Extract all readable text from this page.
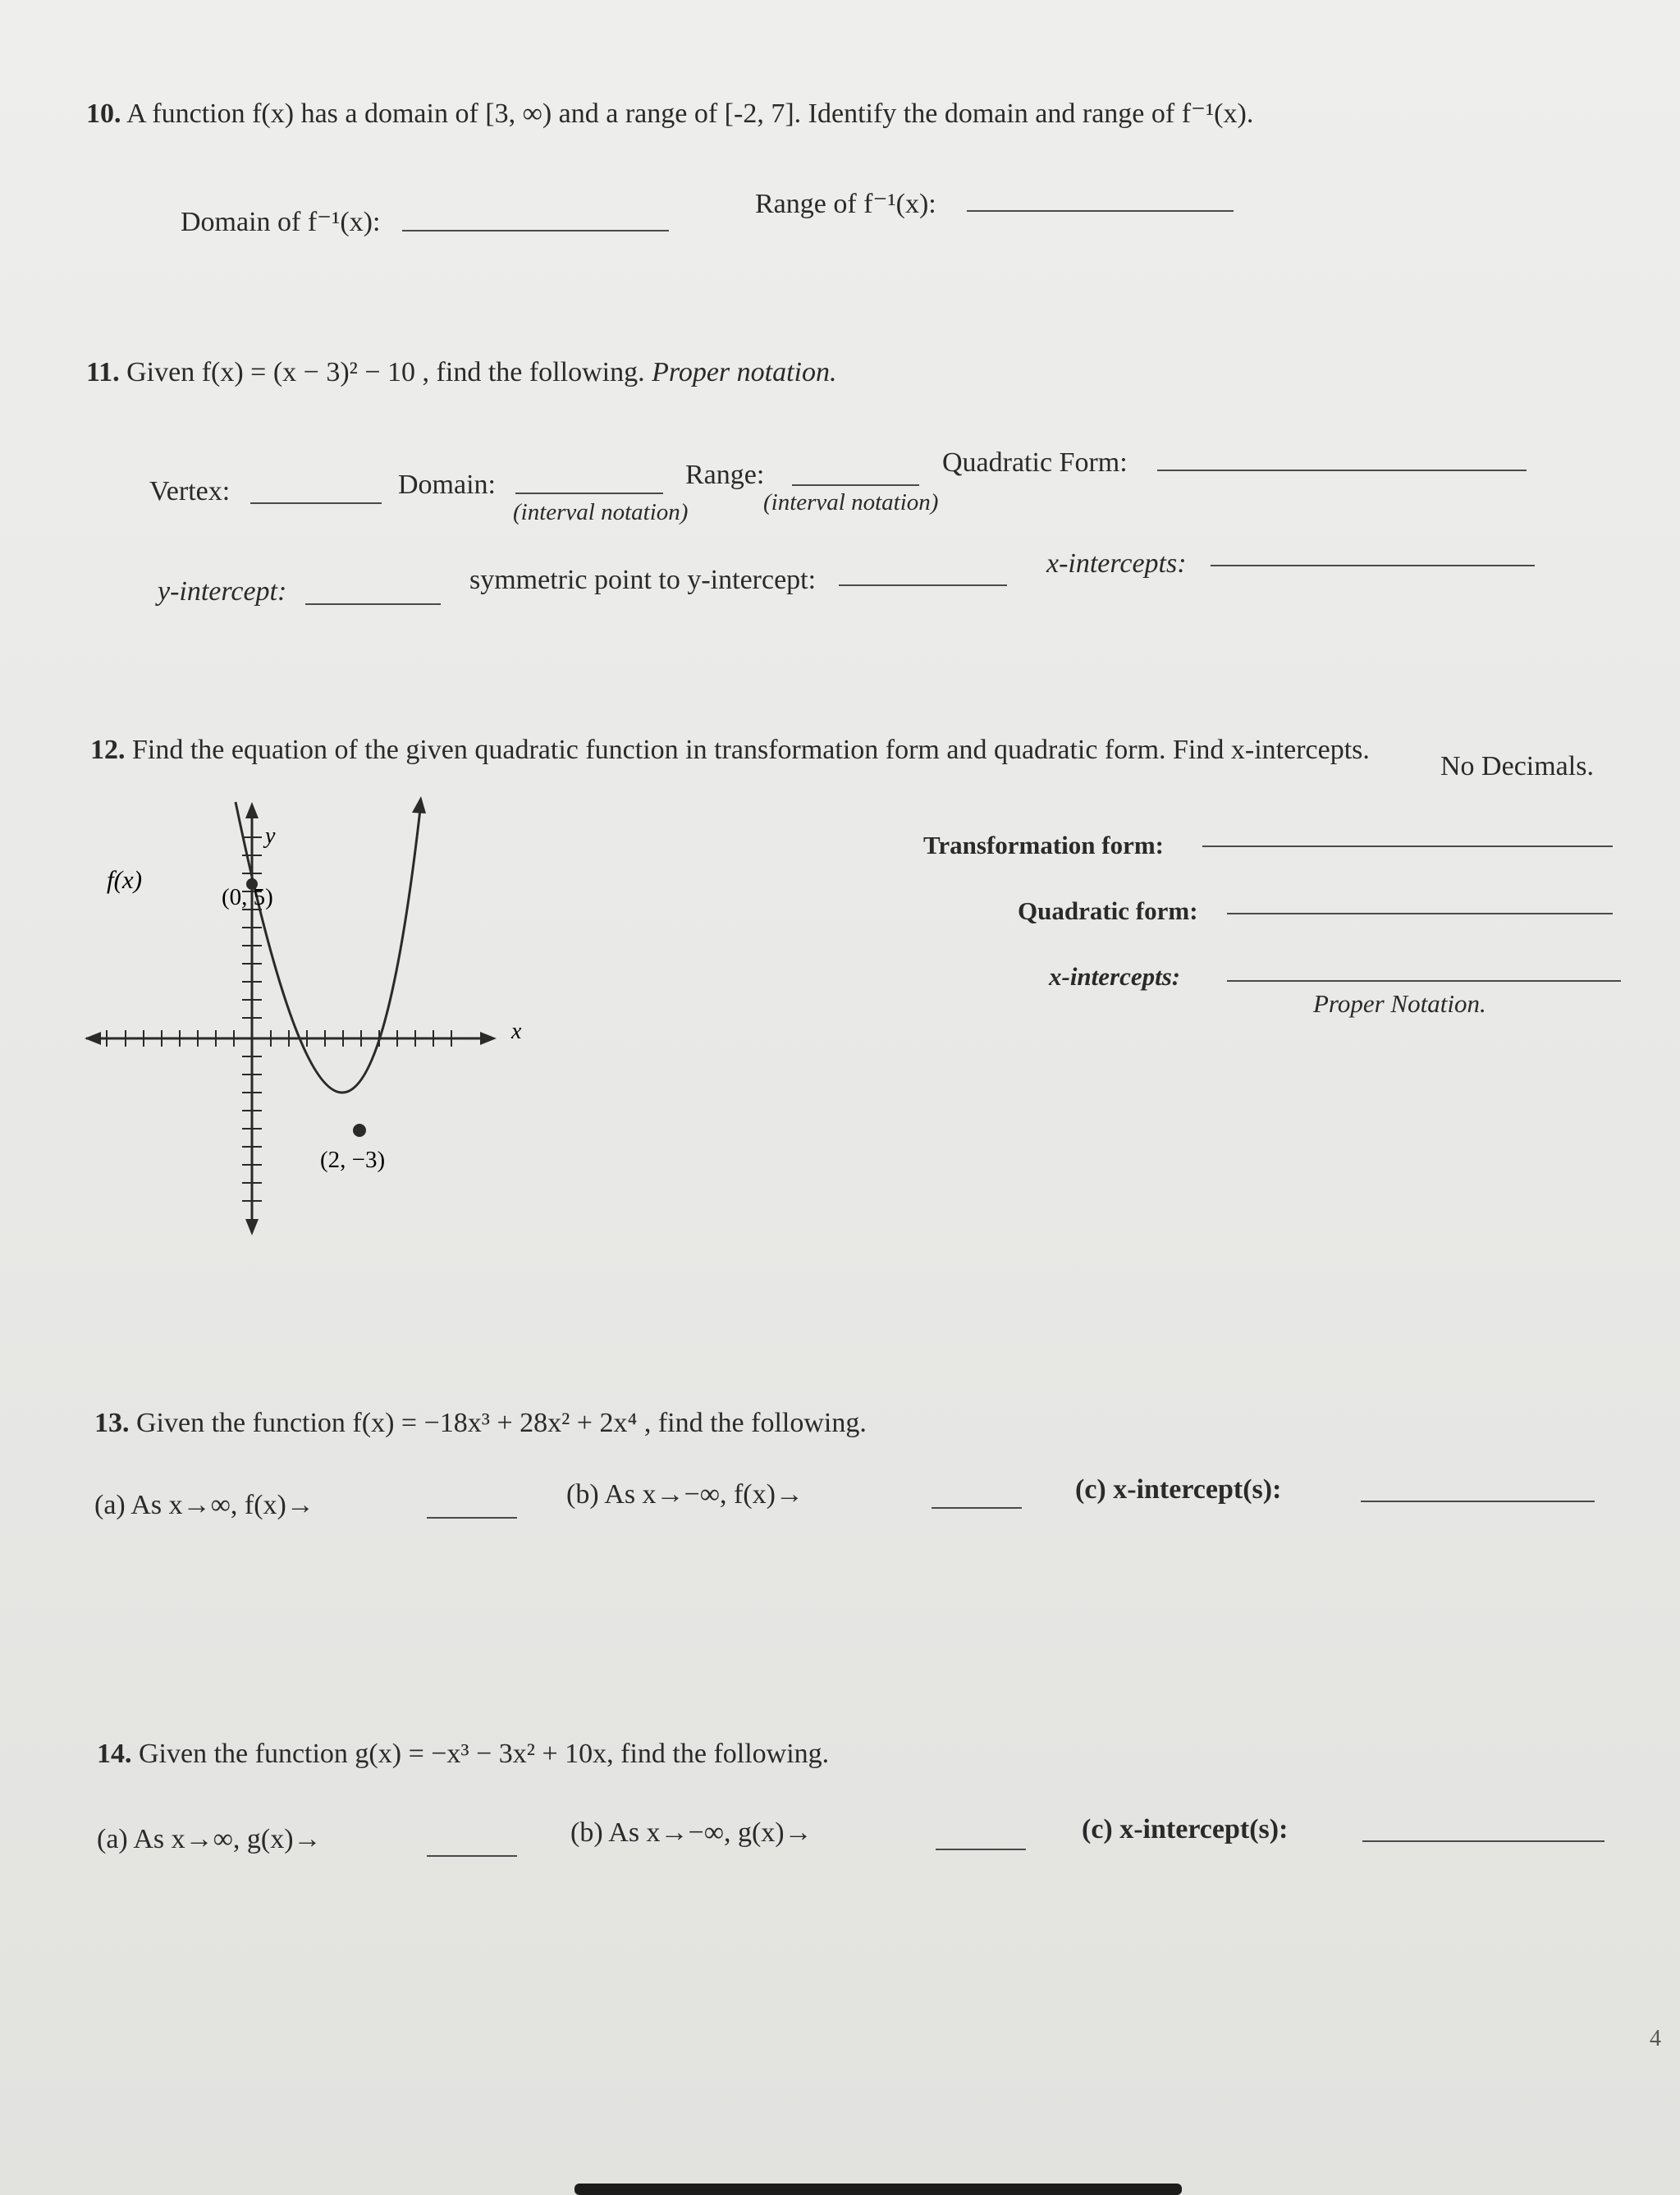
10. A function f(x) has a domain of [3, ∞) and a range of [-2, 7]. Identify the domain and range of f⁻¹(x).
Domain of f⁻¹(x):
Range of f⁻¹(x):
11. Given f(x) = (x − 3)² − 10 , find the following. Proper notation.
Vertex:	Domain:
(interval notation)
Range:
(interval notation)
Quadratic Form:
y-intercept:	symmetric point to y-intercept:
x-intercepts:
12. Find the equation of the given quadratic function in transformation form and quadratic form. Find x-intercepts.
No Decimals.
f(x)
y
x
(0, 5)
(2, −3)
Transformation form:
Quadratic form:
x-intercepts:
Proper Notation.
13. Given the function f(x) = −18x³ + 28x² + 2x⁴ , find the following.
(a) As x→∞, f(x)→	(b) As x→−∞, f(x)→	(c) x-intercept(s):
14. Given the function g(x) = −x³ − 3x² + 10x, find the following.
(a) As x→∞, g(x)→	(b) As x→−∞, g(x)→	(c) x-intercept(s):
4
